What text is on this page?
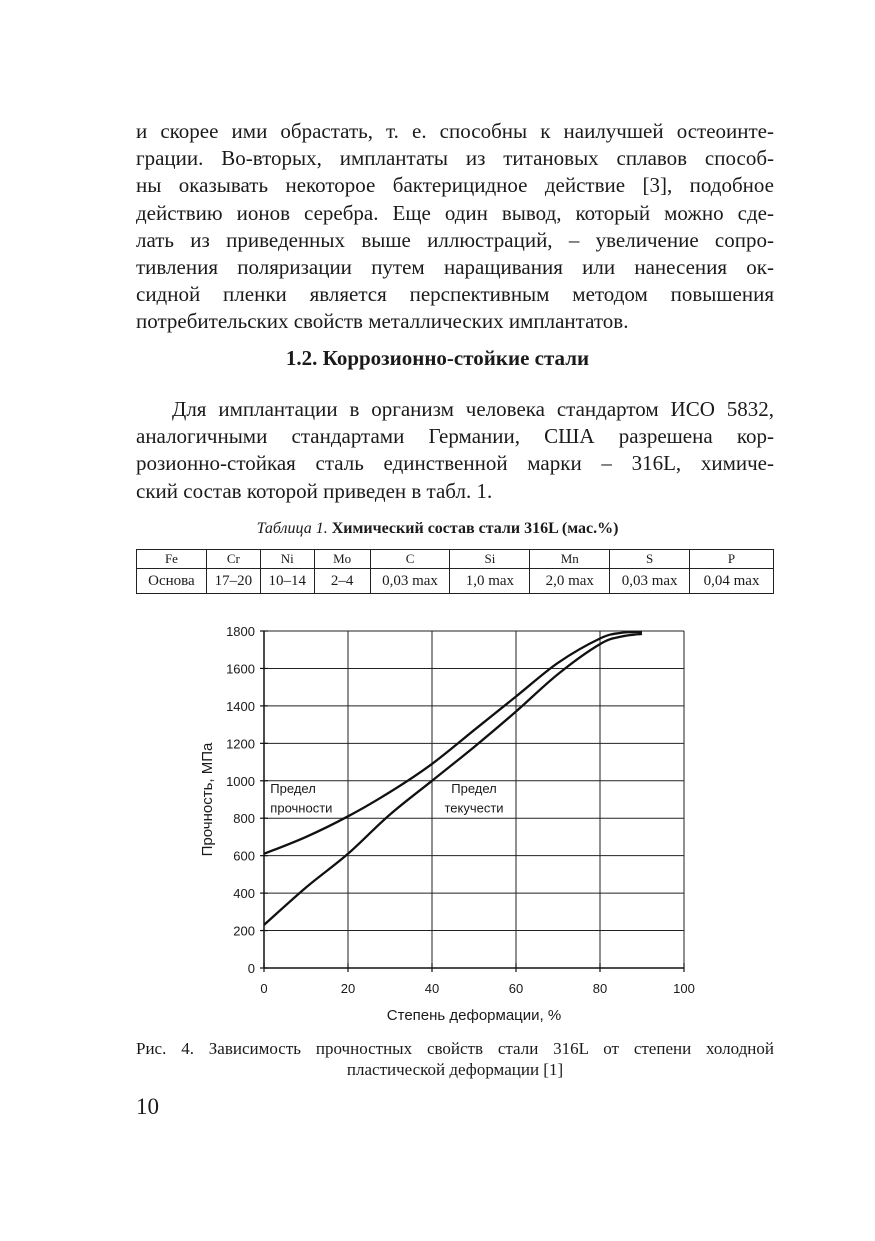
и скорее ими обрастать, т. е. способны к наилучшей остеоинте-
грации. Во-вторых, имплантаты из титановых сплавов способ-
ны оказывать некоторое бактерицидное действие [3], подобное
действию ионов серебра. Еще один вывод, который можно сде-
лать из приведенных выше иллюстраций, – увеличение сопро-
тивления поляризации путем наращивания или нанесения ок-
сидной пленки является перспективным методом повышения
потребительских свойств металлических имплантатов.
1.2. Коррозионно-стойкие стали
Для имплантации в организм человека стандартом ИСО 5832,
аналогичными стандартами Германии, США разрешена кор-
розионно-стойкая сталь единственной марки – 316L, химиче-
ский состав которой приведен в табл. 1.
Таблица 1. Химический состав стали 316L (мас.%)
Fe	Cr	Ni	Mo	C	Si	Mn	S	P
Основа	17–20	10–14	2–4	0,03 max	1,0 max	2,0 max	0,03 max	0,04 max
0
200
400
600
800
1000
1200
1400
1600
1800
0	20	40	60	80	100
Степень деформации, %
Прочность, МПа	Предел
прочности
Предел
текучести
Рис. 4. Зависимость прочностных свойств стали 316L от степени холодной
пластической деформации [1]
10
